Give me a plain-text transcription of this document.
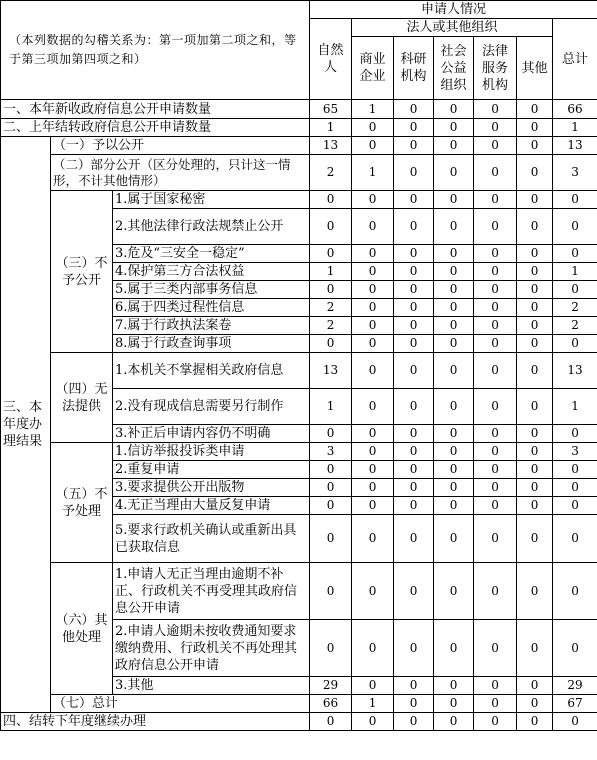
（本列数据的勾稽关系为：第一项加第二项之和，等于第三项加第四项之和）			申请人情况						
			自然人	法人或其他组织					总计
				商业企业	科研机构	社会公益组织	法律服务机构	其他	
一、本年新收政府信息公开申请数量			65	1	0	0	0	0	66
二、上年结转政府信息公开申请数量			1	0	0	0	0	0	1
三、本年度办理结果	（一）予以公开		13	0	0	0	0	0	13
	（二）部分公开（区分处理的，只计这一情形，不计其他情形）		2	1	0	0	0	0	3
	（三）不予公开	1.属于国家秘密	0	0	0	0	0	0	0
		2.其他法律行政法规禁止公开	0	0	0	0	0	0	0
		3.危及“三安全一稳定”	0	0	0	0	0	0	0
		4.保护第三方合法权益	1	0	0	0	0	0	1
		5.属于三类内部事务信息	0	0	0	0	0	0	0
		6.属于四类过程性信息	2	0	0	0	0	0	2
		7.属于行政执法案卷	2	0	0	0	0	0	2
		8.属于行政查询事项	0	0	0	0	0	0	0
	（四）无法提供	1.本机关不掌握相关政府信息	13	0	0	0	0	0	13
		2.没有现成信息需要另行制作	1	0	0	0	0	0	1
		3.补正后申请内容仍不明确	0	0	0	0	0	0	0
	（五）不予处理	1.信访举报投诉类申请	3	0	0	0	0	0	3
		2.重复申请	0	0	0	0	0	0	0
		3.要求提供公开出版物	0	0	0	0	0	0	0
		4.无正当理由大量反复申请	0	0	0	0	0	0	0
		5.要求行政机关确认或重新出具已获取信息	0	0	0	0	0	0	0
	（六）其他处理	1.申请人无正当理由逾期不补正、行政机关不再受理其政府信息公开申请	0	0	0	0	0	0	0
		2.申请人逾期未按收费通知要求缴纳费用、行政机关不再处理其政府信息公开申请	0	0	0	0	0	0	0
		3.其他	29	0	0	0	0	0	29
	（七）总计		66	1	0	0	0	0	67
四、结转下年度继续办理			0	0	0	0	0	0	0
